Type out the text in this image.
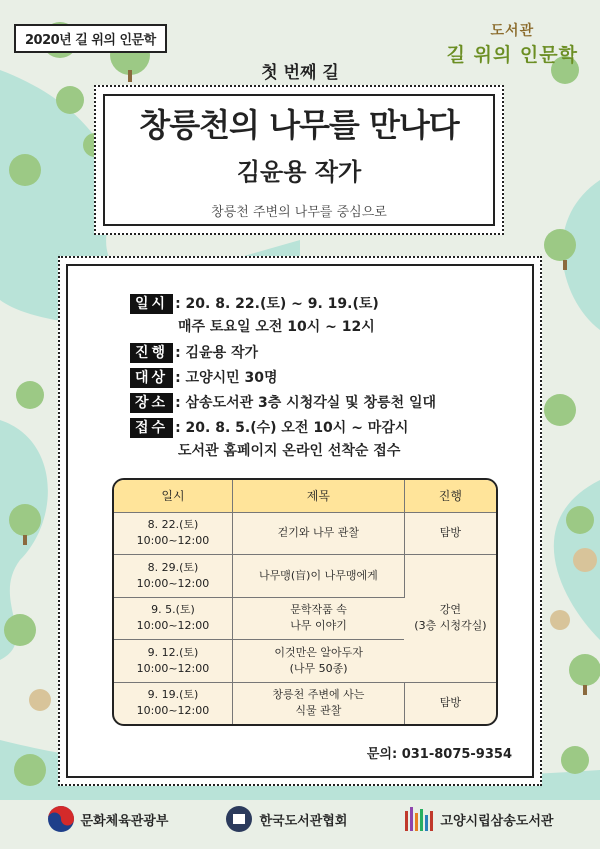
2020년 길 위의 인문학
도서관
길 위의 인문학
첫 번째 길
창릉천의 나무를 만나다
김윤용 작가
창릉천 주변의 나무를 중심으로
일시 : 20. 8. 22.(토) ~ 9. 19.(토)
매주 토요일 오전 10시 ~ 12시
진행 : 김윤용 작가
대상 : 고양시민 30명
장소 : 삼송도서관 3층 시청각실 및 창릉천 일대
접수 : 20. 8. 5.(수) 오전 10시 ~ 마감시
도서관 홈페이지 온라인 선착순 접수
일시	제목	진행
8. 22.(토)
10:00~12:00	걷기와 나무 관찰	탐방
8. 29.(토)
10:00~12:00	나무맹(盲)이 나무맹에게	강연
(3층 시청각실)
9. 5.(토)
10:00~12:00	문학작품 속
나무 이야기	
9. 12.(토)
10:00~12:00	이것만은 알아두자
(나무 50종)	
9. 19.(토)
10:00~12:00	창릉천 주변에 사는
식물 관찰	탐방
문의: 031-8075-9354
문화체육관광부	한국도서관협회	고양시립삼송도서관
